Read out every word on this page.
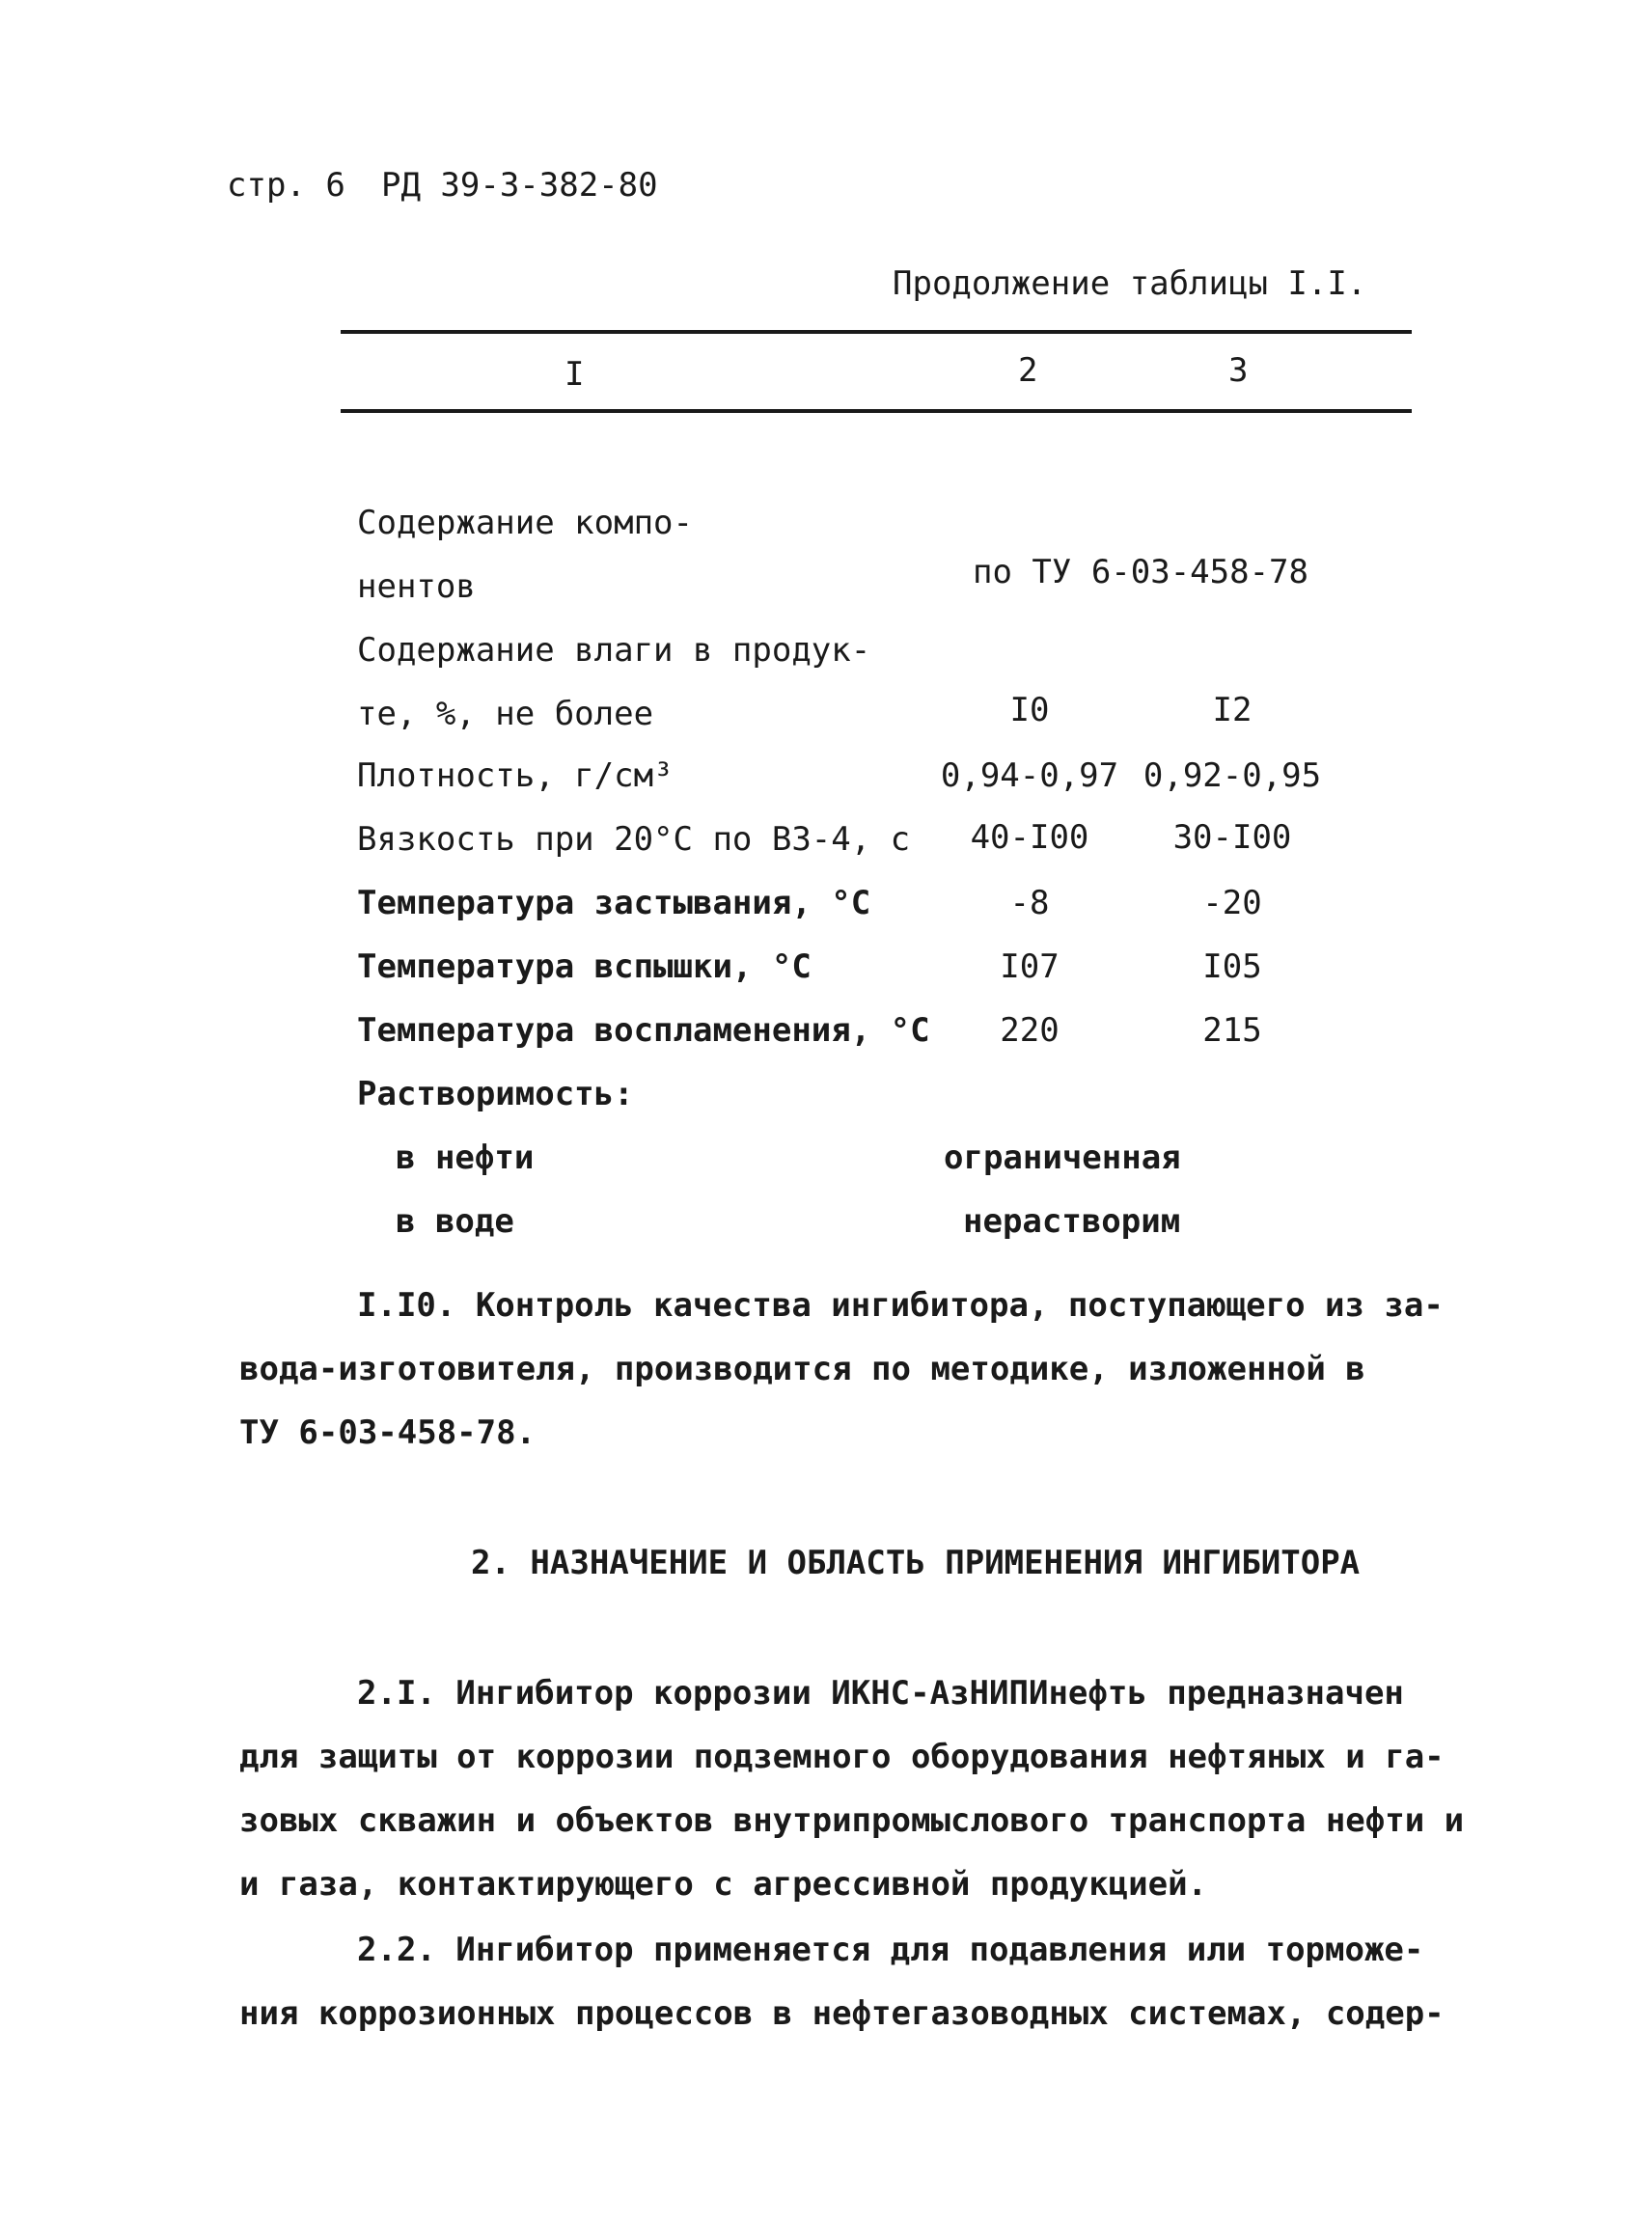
стр. 6 РД 39-3-382-80
Продолжение таблицы I.I.
I	2	3
Содержание компо-
нентов	по ТУ 6-03-458-78
Содержание влаги в продук-
те, %, не более	I0	I2
Плотность, г/см³	0,94-0,97 0,92-0,95
Вязкость при 20°С по ВЗ-4, с	40-I00	30-I00
Температура застывания, °С	-8	-20
Температура вспышки, °С	I07	I05
Температура воспламенения, °С	220	215
Растворимость:
в нефти	ограниченная
в воде	нерастворим
I.I0. Контроль качества ингибитора, поступающего из за-
вода-изготовителя, производится по методике, изложенной в
ТУ 6-03-458-78.
2. НАЗНАЧЕНИЕ И ОБЛАСТЬ ПРИМЕНЕНИЯ ИНГИБИТОРА
2.I. Ингибитор коррозии ИКНС-АзНИПИнефть предназначен
для защиты от коррозии подземного оборудования нефтяных и га-
зовых скважин и объектов внутрипромыслового транспорта нефти и
и газа, контактирующего с агрессивной продукцией.
2.2. Ингибитор применяется для подавления или торможе-
ния коррозионных процессов в нефтегазоводных системах, содер-
